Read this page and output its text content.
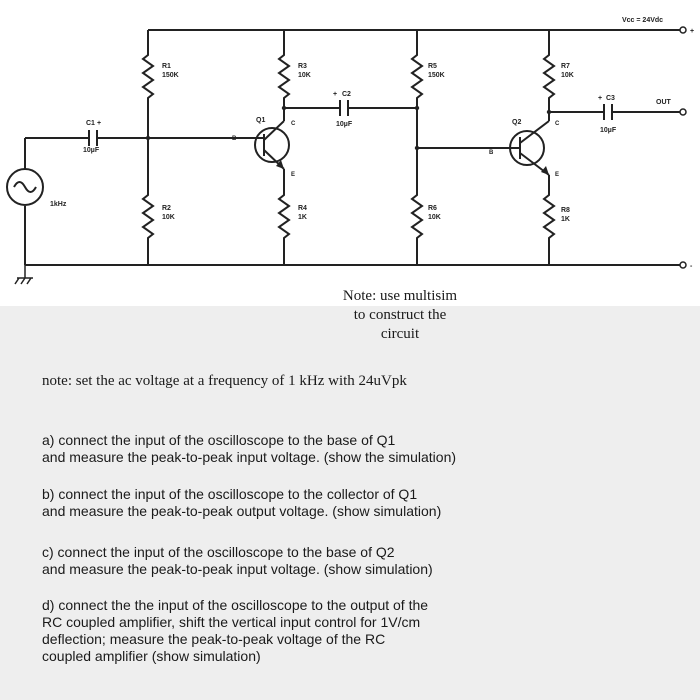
Vcc = 24Vdc
+
-
1kHz
C1 +
10µF
R1
150K
R2
10K
Q1
B
C
E
R3
10K
R4
1K
+ C2
10µF
R5
150K
R6
10K
Q2
B
C
E
R7
10K
R8
1K
+ C3
10µF
OUT
Note: use multisim
to construct the
circuit
note: set the ac voltage at a frequency of 1 kHz with 24uVpk
a) connect the input of the oscilloscope to the base of Q1
and measure the peak-to-peak input voltage. (show the simulation)
b) connect the input of the oscilloscope to the collector of Q1
and measure the peak-to-peak output voltage. (show simulation)
c) connect the input of the oscilloscope to the base of Q2
and measure the peak-to-peak input voltage. (show simulation)
d) connect the the input of the oscilloscope to the output of the
RC coupled amplifier, shift the vertical input control for 1V/cm
deflection; measure the peak-to-peak voltage of the RC
coupled amplifier (show simulation)
